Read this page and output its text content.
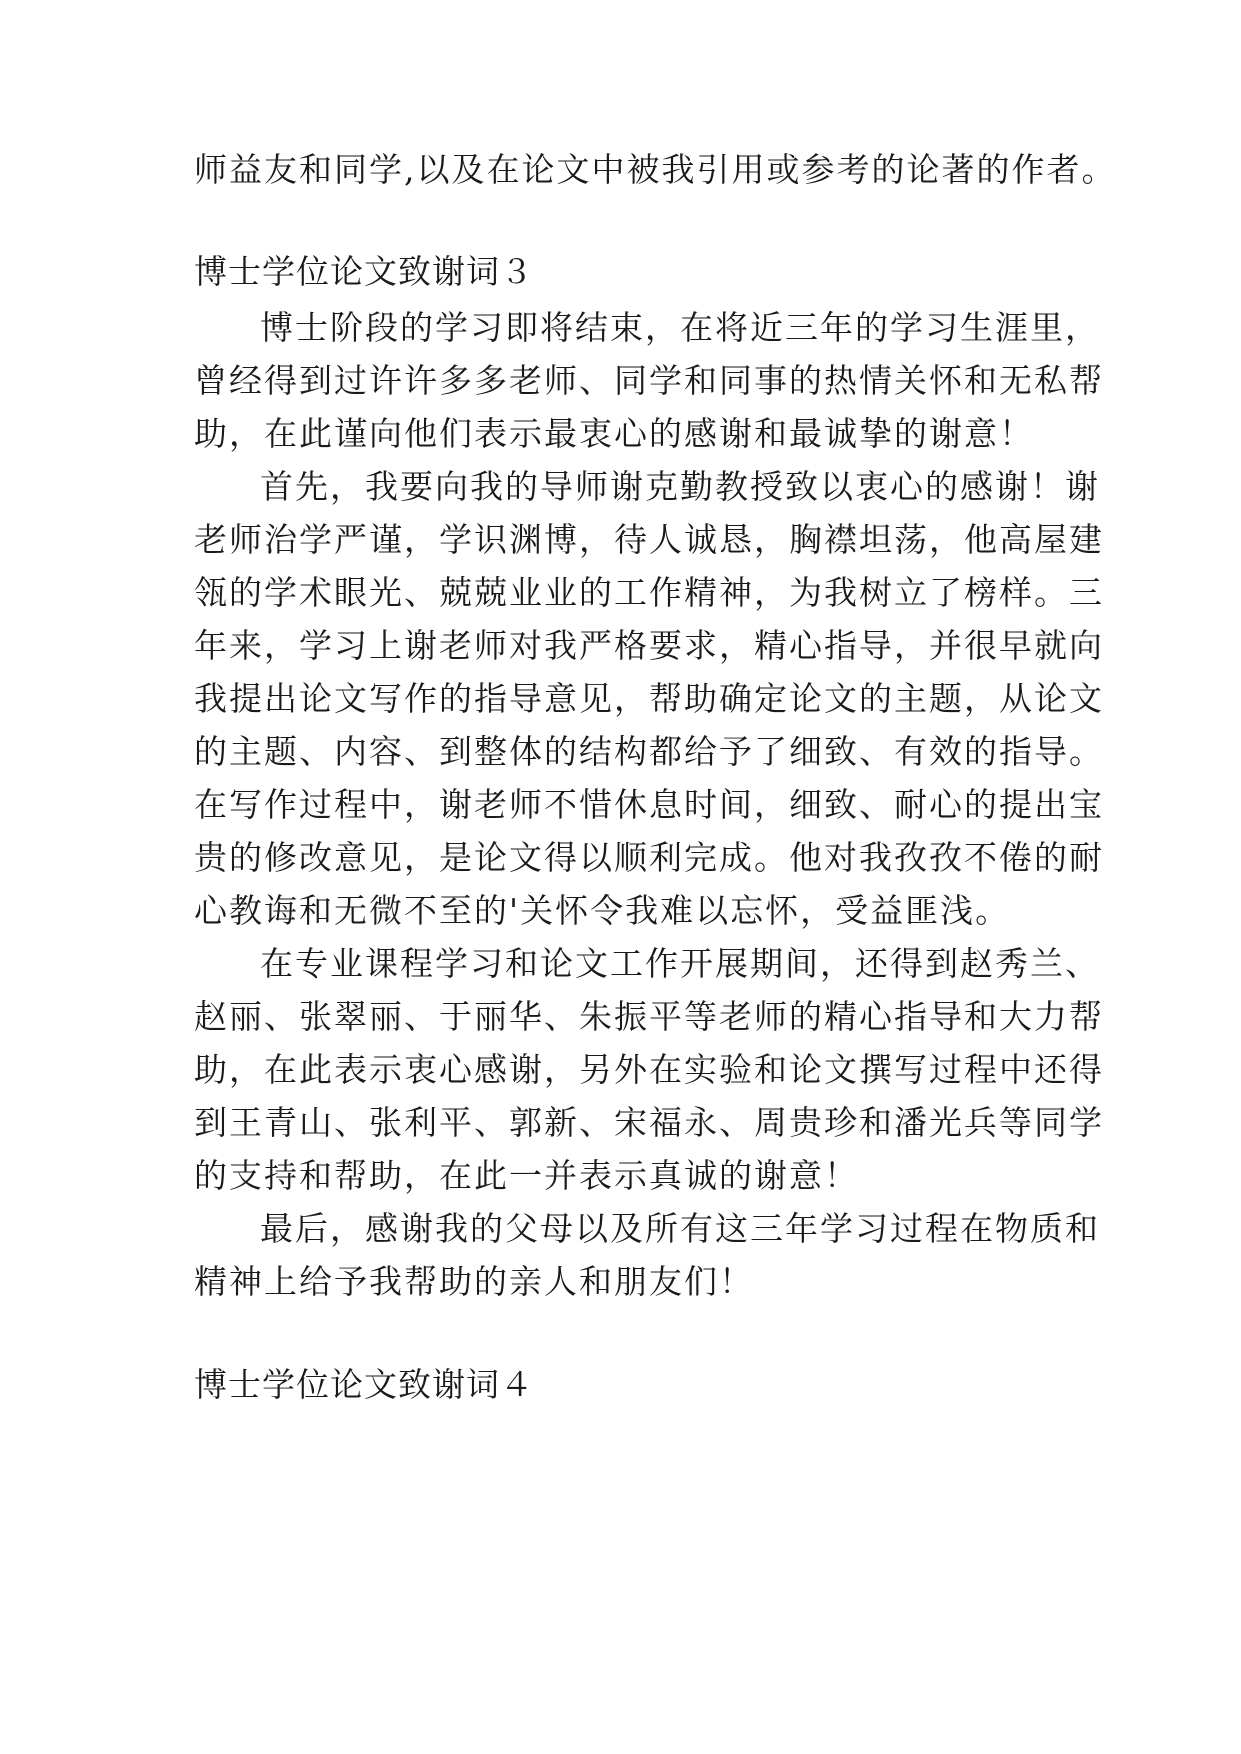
师益友和同学,以及在论文中被我引用或参考的论著的作者。
博士学位论文致谢词３
博士阶段的学习即将结束，在将近三年的学习生涯里，
曾经得到过许许多多老师、同学和同事的热情关怀和无私帮
助，在此谨向他们表示最衷心的感谢和最诚挚的谢意！
首先，我要向我的导师谢克勤教授致以衷心的感谢！谢
老师治学严谨，学识渊博，待人诚恳，胸襟坦荡，他高屋建
瓴的学术眼光、兢兢业业的工作精神，为我树立了榜样。三
年来，学习上谢老师对我严格要求，精心指导，并很早就向
我提出论文写作的指导意见，帮助确定论文的主题，从论文
的主题、内容、到整体的结构都给予了细致、有效的指导。
在写作过程中，谢老师不惜休息时间，细致、耐心的提出宝
贵的修改意见，是论文得以顺利完成。他对我孜孜不倦的耐
心教诲和无微不至的'关怀令我难以忘怀，受益匪浅。
在专业课程学习和论文工作开展期间，还得到赵秀兰、
赵丽、张翠丽、于丽华、朱振平等老师的精心指导和大力帮
助，在此表示衷心感谢，另外在实验和论文撰写过程中还得
到王青山、张利平、郭新、宋福永、周贵珍和潘光兵等同学
的支持和帮助，在此一并表示真诚的谢意！
最后，感谢我的父母以及所有这三年学习过程在物质和
精神上给予我帮助的亲人和朋友们！
博士学位论文致谢词４
